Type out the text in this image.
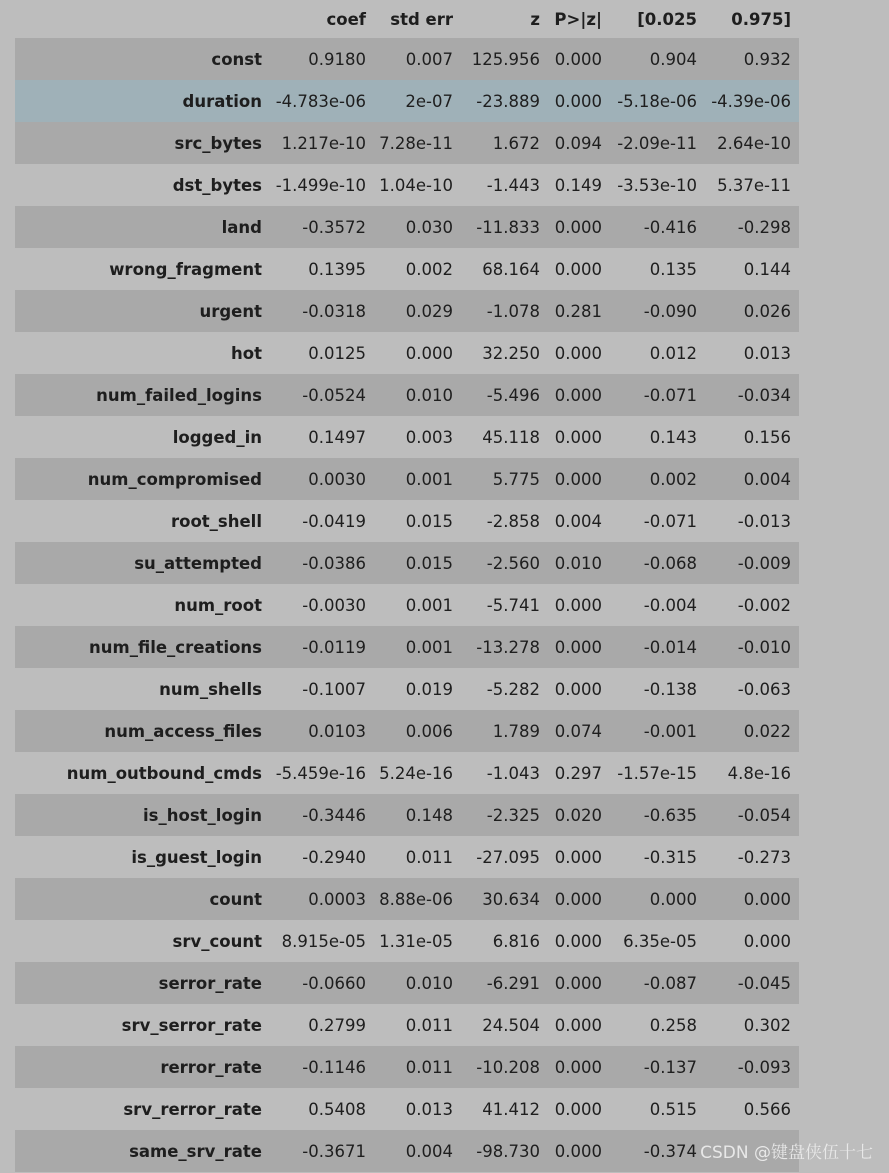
	coef	std err	z	P>|z|	[0.025	0.975]
const	0.9180	0.007	125.956	0.000	0.904	0.932
duration	-4.783e-06	2e-07	-23.889	0.000	-5.18e-06	-4.39e-06
src_bytes	1.217e-10	7.28e-11	1.672	0.094	-2.09e-11	2.64e-10
dst_bytes	-1.499e-10	1.04e-10	-1.443	0.149	-3.53e-10	5.37e-11
land	-0.3572	0.030	-11.833	0.000	-0.416	-0.298
wrong_fragment	0.1395	0.002	68.164	0.000	0.135	0.144
urgent	-0.0318	0.029	-1.078	0.281	-0.090	0.026
hot	0.0125	0.000	32.250	0.000	0.012	0.013
num_failed_logins	-0.0524	0.010	-5.496	0.000	-0.071	-0.034
logged_in	0.1497	0.003	45.118	0.000	0.143	0.156
num_compromised	0.0030	0.001	5.775	0.000	0.002	0.004
root_shell	-0.0419	0.015	-2.858	0.004	-0.071	-0.013
su_attempted	-0.0386	0.015	-2.560	0.010	-0.068	-0.009
num_root	-0.0030	0.001	-5.741	0.000	-0.004	-0.002
num_file_creations	-0.0119	0.001	-13.278	0.000	-0.014	-0.010
num_shells	-0.1007	0.019	-5.282	0.000	-0.138	-0.063
num_access_files	0.0103	0.006	1.789	0.074	-0.001	0.022
num_outbound_cmds	-5.459e-16	5.24e-16	-1.043	0.297	-1.57e-15	4.8e-16
is_host_login	-0.3446	0.148	-2.325	0.020	-0.635	-0.054
is_guest_login	-0.2940	0.011	-27.095	0.000	-0.315	-0.273
count	0.0003	8.88e-06	30.634	0.000	0.000	0.000
srv_count	8.915e-05	1.31e-05	6.816	0.000	6.35e-05	0.000
serror_rate	-0.0660	0.010	-6.291	0.000	-0.087	-0.045
srv_serror_rate	0.2799	0.011	24.504	0.000	0.258	0.302
rerror_rate	-0.1146	0.011	-10.208	0.000	-0.137	-0.093
srv_rerror_rate	0.5408	0.013	41.412	0.000	0.515	0.566
same_srv_rate	-0.3671	0.004	-98.730	0.000	-0.374	CSDN @键盘侠伍十七
